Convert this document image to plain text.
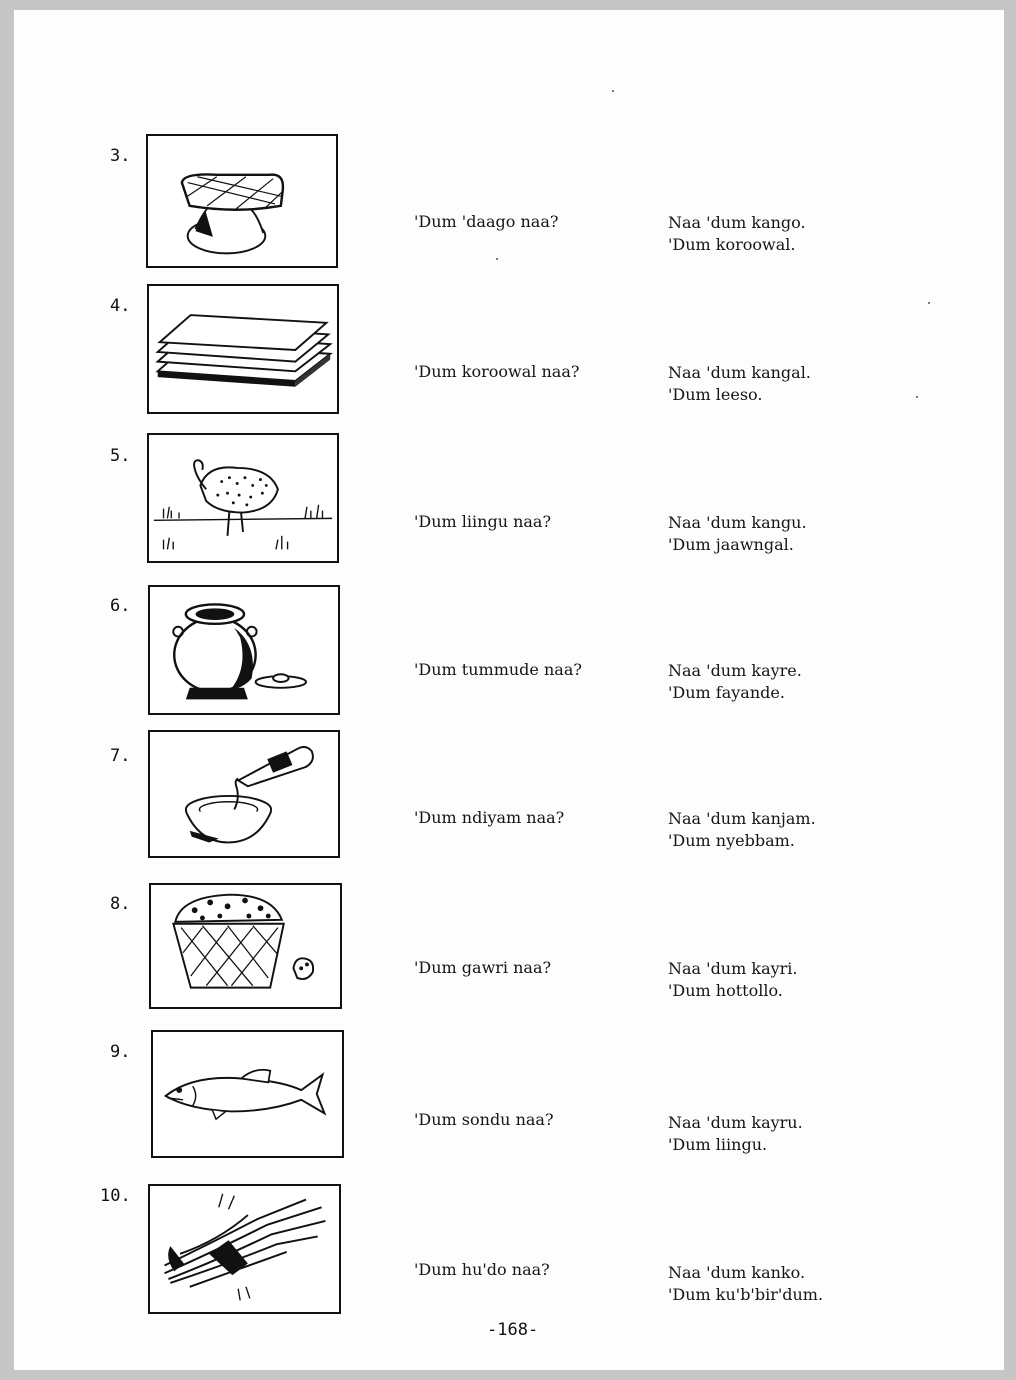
3.
'Dum 'daago naa?	Naa 'dum kango.
'Dum koroowal.
4.
'Dum koroowal naa?	Naa 'dum kangal.
'Dum leeso.
5.
'Dum liingu naa?	Naa 'dum kangu.
'Dum jaawngal.
6.
'Dum tummude naa?	Naa 'dum kayre.
'Dum fayande.
7.
'Dum ndiyam naa?	Naa 'dum kanjam.
'Dum nyebbam.
8.
'Dum gawri naa?	Naa 'dum kayri.
'Dum hottollo.
9.
'Dum sondu naa?	Naa 'dum kayru.
'Dum liingu.
10.
'Dum hu'do naa?	Naa 'dum kanko.
'Dum ku'b'bir'dum.
-168-
